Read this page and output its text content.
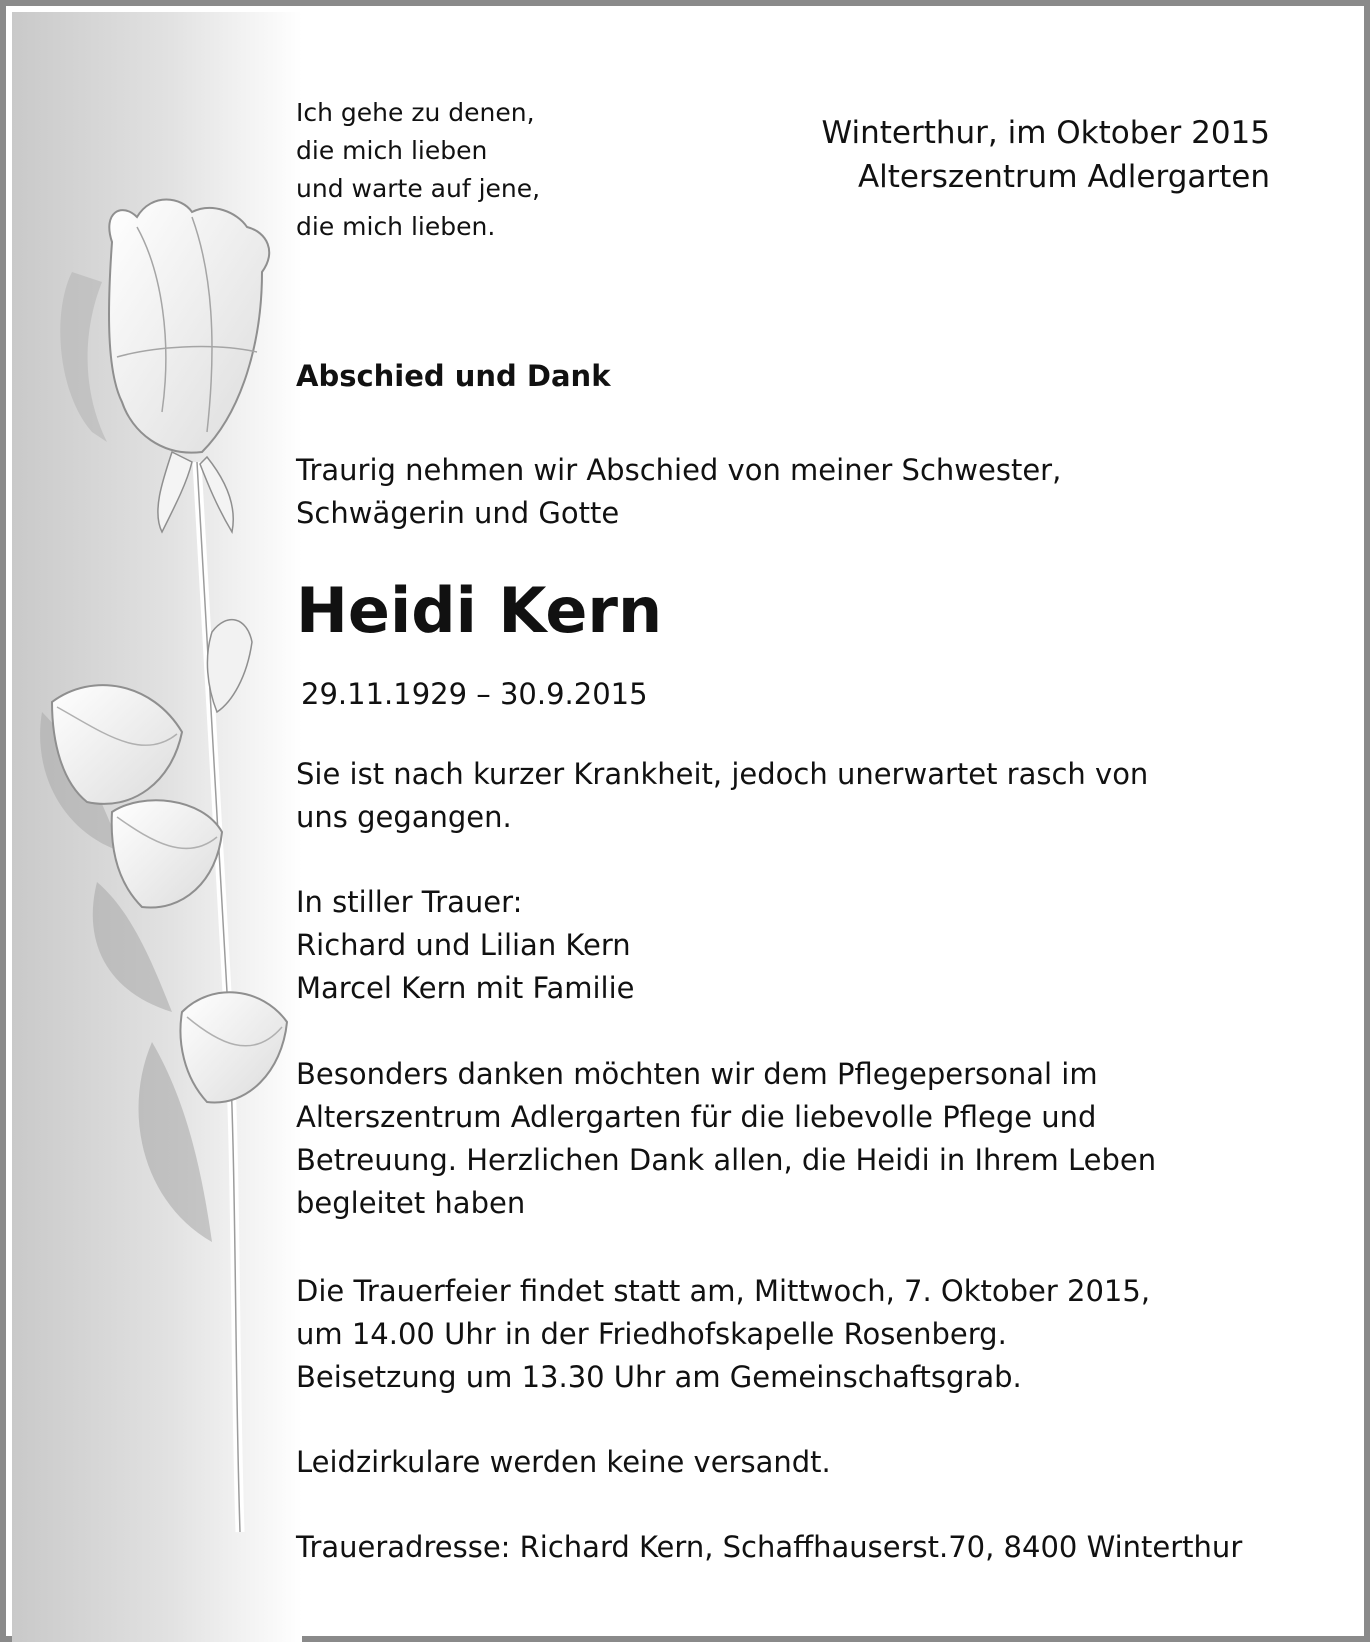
Ich gehe zu denen,
die mich lieben
und warte auf jene,
die mich lieben.
Winterthur, im Oktober 2015
Alterszentrum Adlergarten
Abschied und Dank
Traurig nehmen wir Abschied von meiner Schwester,
Schwägerin und Gotte
Heidi Kern
29.11.1929 – 30.9.2015
Sie ist nach kurzer Krankheit, jedoch unerwartet rasch von
uns gegangen.
In stiller Trauer:
Richard und Lilian Kern
Marcel Kern mit Familie
Besonders danken möchten wir dem Pflegepersonal im
Alterszentrum Adlergarten für die liebevolle Pflege und
Betreuung. Herzlichen Dank allen, die Heidi in Ihrem Leben
begleitet haben
Die Trauerfeier findet statt am, Mittwoch, 7. Oktober 2015,
um 14.00 Uhr in der Friedhofskapelle Rosenberg.
Beisetzung um 13.30 Uhr am Gemeinschaftsgrab.
Leidzirkulare werden keine versandt.
Traueradresse: Richard Kern, Schaffhauserst.70, 8400 Winterthur
